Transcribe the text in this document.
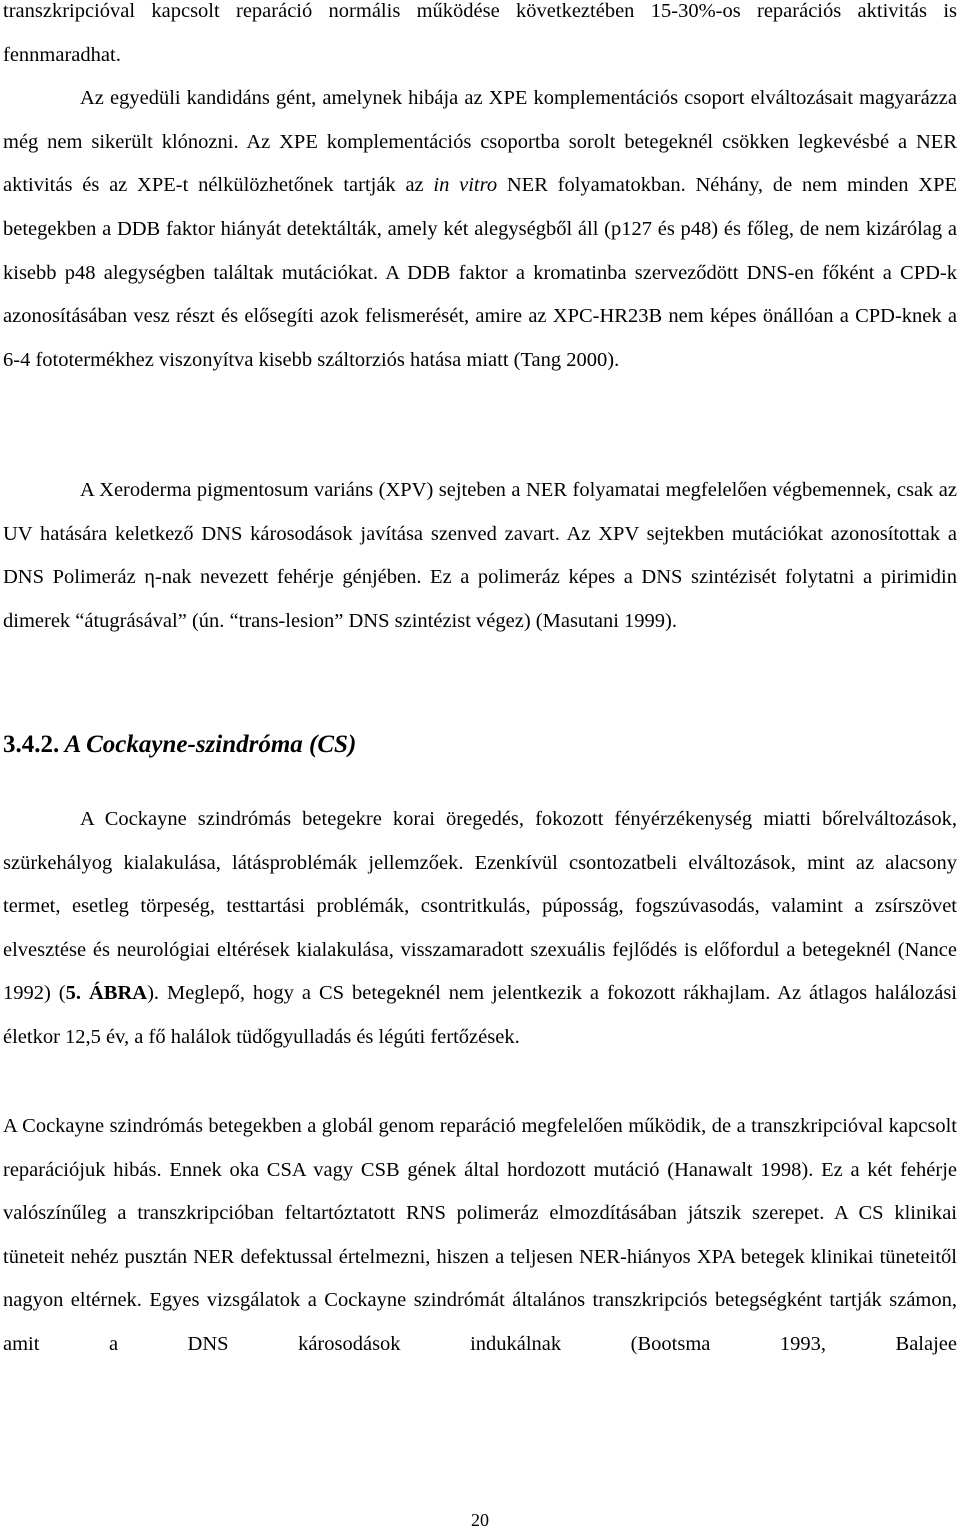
transzkripcióval kapcsolt reparáció normális működése következtében 15-30%-os reparációs aktivitás is fennmaradhat.

Az egyedüli kandidáns gént, amelynek hibája az XPE komplementációs csoport elváltozásait magyarázza még nem sikerült klónozni. Az XPE komplementációs csoportba sorolt betegeknél csökken legkevésbé a NER aktivitás és az XPE-t nélkülözhetőnek tartják az in vitro NER folyamatokban. Néhány, de nem minden XPE betegekben a DDB faktor hiányát detektálták, amely két alegységből áll (p127 és p48) és főleg, de nem kizárólag a kisebb p48 alegységben találtak mutációkat. A DDB faktor a kromatinba szerveződött DNS-en főként a CPD-k azonosításában vesz részt és elősegíti azok felismerését, amire az XPC-HR23B nem képes önállóan a CPD-knek a 6-4 fototermékhez viszonyítva kisebb száltorziós hatása miatt (Tang 2000).

A Xeroderma pigmentosum variáns (XPV) sejteben a NER folyamatai megfelelően végbemennek, csak az UV hatására keletkező DNS károsodások javítása szenved zavart. Az XPV sejtekben mutációkat azonosítottak a DNS Polimeráz η-nak nevezett fehérje génjében. Ez a polimeráz képes a DNS szintézisét folytatni a pirimidin dimerek “átugrásával” (ún. “trans-lesion” DNS szintézist végez) (Masutani 1999).

3.4.2. A Cockayne-szindróma (CS)

A Cockayne szindrómás betegekre korai öregedés, fokozott fényérzékenység miatti bőrelváltozások, szürkehályog kialakulása, látásproblémák jellemzőek. Ezenkívül csontozatbeli elváltozások, mint az alacsony termet, esetleg törpeség, testtartási problémák, csontritkulás, púposság, fogszúvasodás, valamint a zsírszövet elvesztése és neurológiai eltérések kialakulása, visszamaradott szexuális fejlődés is előfordul a betegeknél (Nance 1992) (5. ÁBRA). Meglepő, hogy a CS betegeknél nem jelentkezik a fokozott rákhajlam. Az átlagos halálozási életkor 12,5 év, a fő halálok tüdőgyulladás és légúti fertőzések.

A Cockayne szindrómás betegekben a globál genom reparáció megfelelően működik, de a transzkripcióval kapcsolt reparációjuk hibás. Ennek oka CSA vagy CSB gének által hordozott mutáció (Hanawalt 1998). Ez a két fehérje valószínűleg a transzkripcióban feltartóztatott RNS polimeráz elmozdításában játszik szerepet. A CS klinikai tüneteit nehéz pusztán NER defektussal értelmezni, hiszen a teljesen NER-hiányos XPA betegek klinikai tüneteitől nagyon eltérnek. Egyes vizsgálatok a Cockayne szindrómát általános transzkripciós betegségként tartják számon, amit a DNS károsodások indukálnak (Bootsma 1993, Balajee

20
